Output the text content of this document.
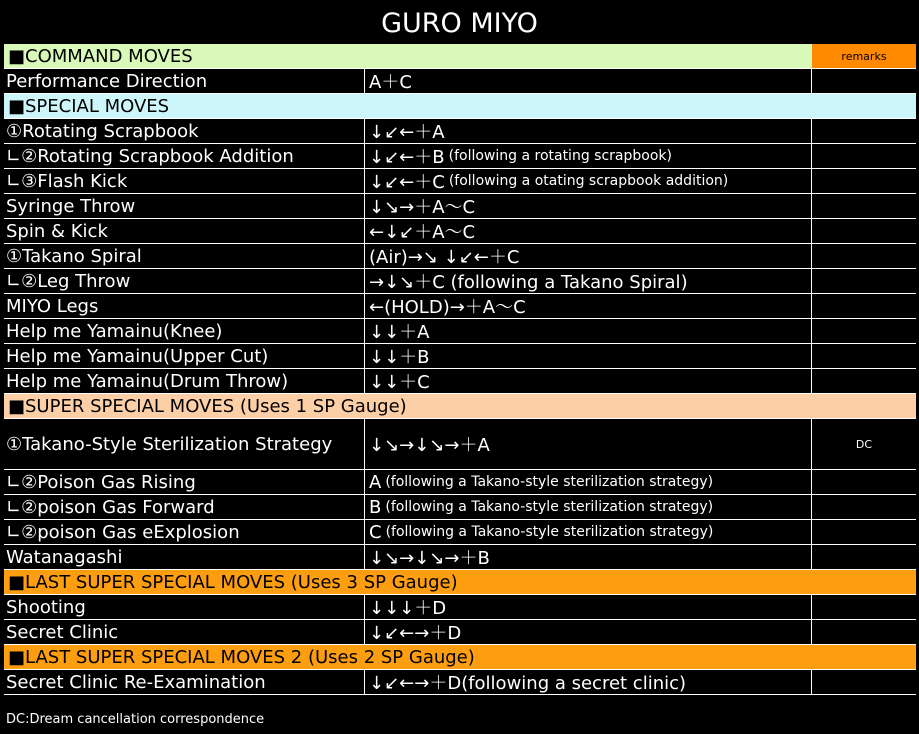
GURO MIYO
■COMMAND MOVES	remarks
Performance Direction	A＋C
■SPECIAL MOVES
①Rotating Scrapbook	↓↙←＋A
∟②Rotating Scrapbook Addition	↓↙←＋B (following a rotating scrapbook)
∟③Flash Kick	↓↙←＋C (following a otating scrapbook addition)
Syringe Throw	↓↘→＋A～C
Spin & Kick	←↓↙＋A～C
①Takano Spiral	(Air)→↘ ↓↙←＋C
∟②Leg Throw	→↓↘＋C (following a Takano Spiral)
MIYO Legs	←(HOLD)→＋A～C
Help me Yamainu(Knee)	↓↓＋A
Help me Yamainu(Upper Cut)	↓↓＋B
Help me Yamainu(Drum Throw)	↓↓＋C
■SUPER SPECIAL MOVES (Uses 1 SP Gauge)
①Takano-Style Sterilization Strategy	↓↘→↓↘→＋A	DC
∟②Poison Gas Rising	A (following a Takano-style sterilization strategy)
∟②poison Gas Forward	B (following a Takano-style sterilization strategy)
∟②poison Gas eExplosion	C (following a Takano-style sterilization strategy)
Watanagashi	↓↘→↓↘→＋B
■LAST SUPER SPECIAL MOVES (Uses 3 SP Gauge)
Shooting	↓↓↓＋D
Secret Clinic	↓↙←→＋D
■LAST SUPER SPECIAL MOVES 2 (Uses 2 SP Gauge)
Secret Clinic Re-Examination	↓↙←→＋D(following a secret clinic)
DC:Dream cancellation correspondence
